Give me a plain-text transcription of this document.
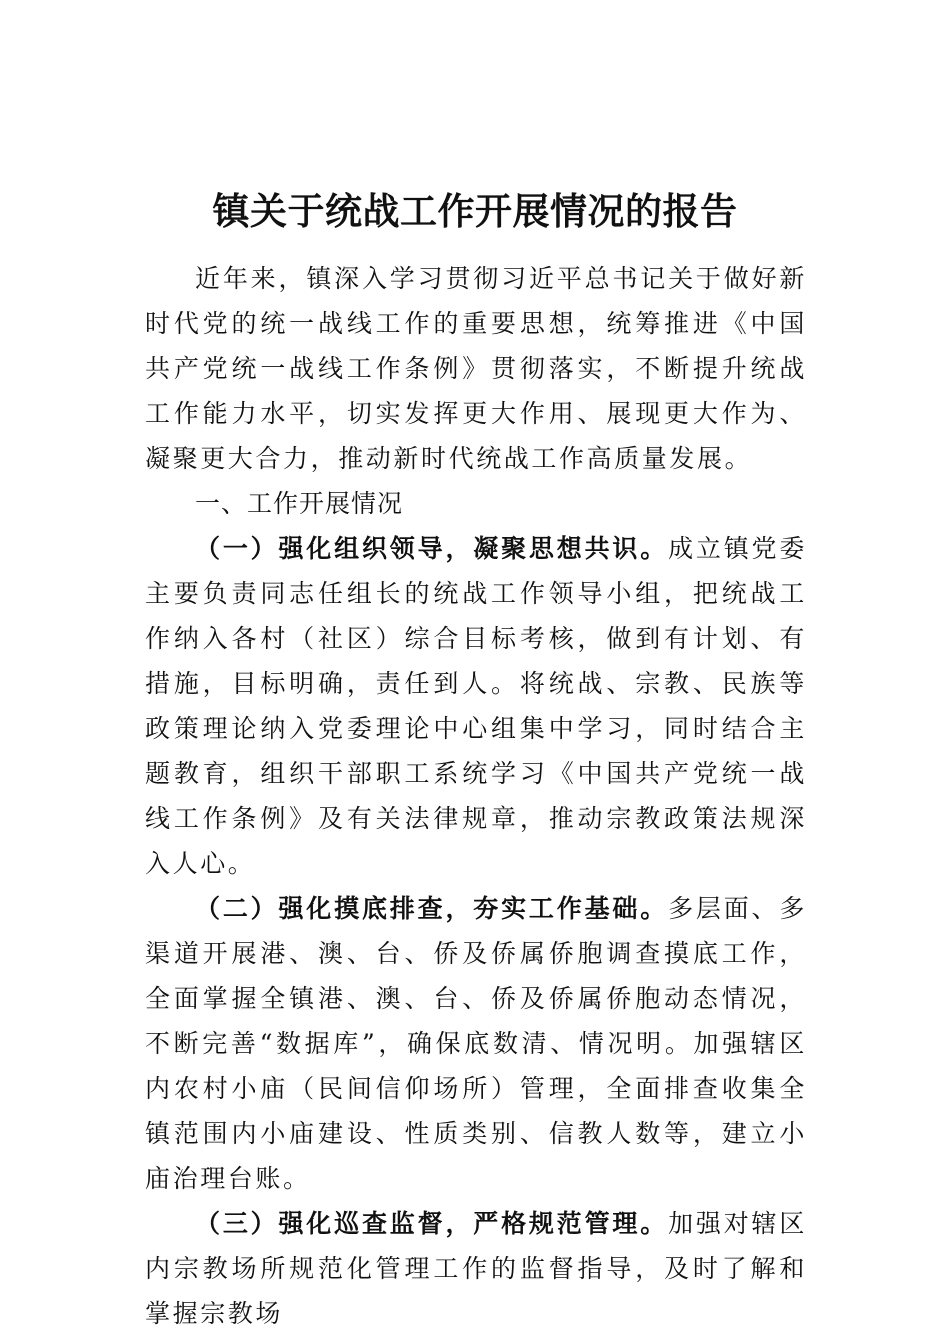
镇关于统战工作开展情况的报告

近年来，镇深入学习贯彻习近平总书记关于做好新时代党的统一战线工作的重要思想，统筹推进《中国共产党统一战线工作条例》贯彻落实，不断提升统战工作能力水平，切实发挥更大作用、展现更大作为、凝聚更大合力，推动新时代统战工作高质量发展。

一、工作开展情况

（一）强化组织领导，凝聚思想共识。成立镇党委主要负责同志任组长的统战工作领导小组，把统战工作纳入各村（社区）综合目标考核，做到有计划、有措施，目标明确，责任到人。将统战、宗教、民族等政策理论纳入党委理论中心组集中学习，同时结合主题教育，组织干部职工系统学习《中国共产党统一战线工作条例》及有关法律规章，推动宗教政策法规深入人心。

（二）强化摸底排查，夯实工作基础。多层面、多渠道开展港、澳、台、侨及侨属侨胞调查摸底工作，全面掌握全镇港、澳、台、侨及侨属侨胞动态情况，不断完善“数据库”，确保底数清、情况明。加强辖区内农村小庙（民间信仰场所）管理，全面排查收集全镇范围内小庙建设、性质类别、信教人数等，建立小庙治理台账。

（三）强化巡查监督，严格规范管理。加强对辖区内宗教场所规范化管理工作的监督指导，及时了解和掌握宗教场
